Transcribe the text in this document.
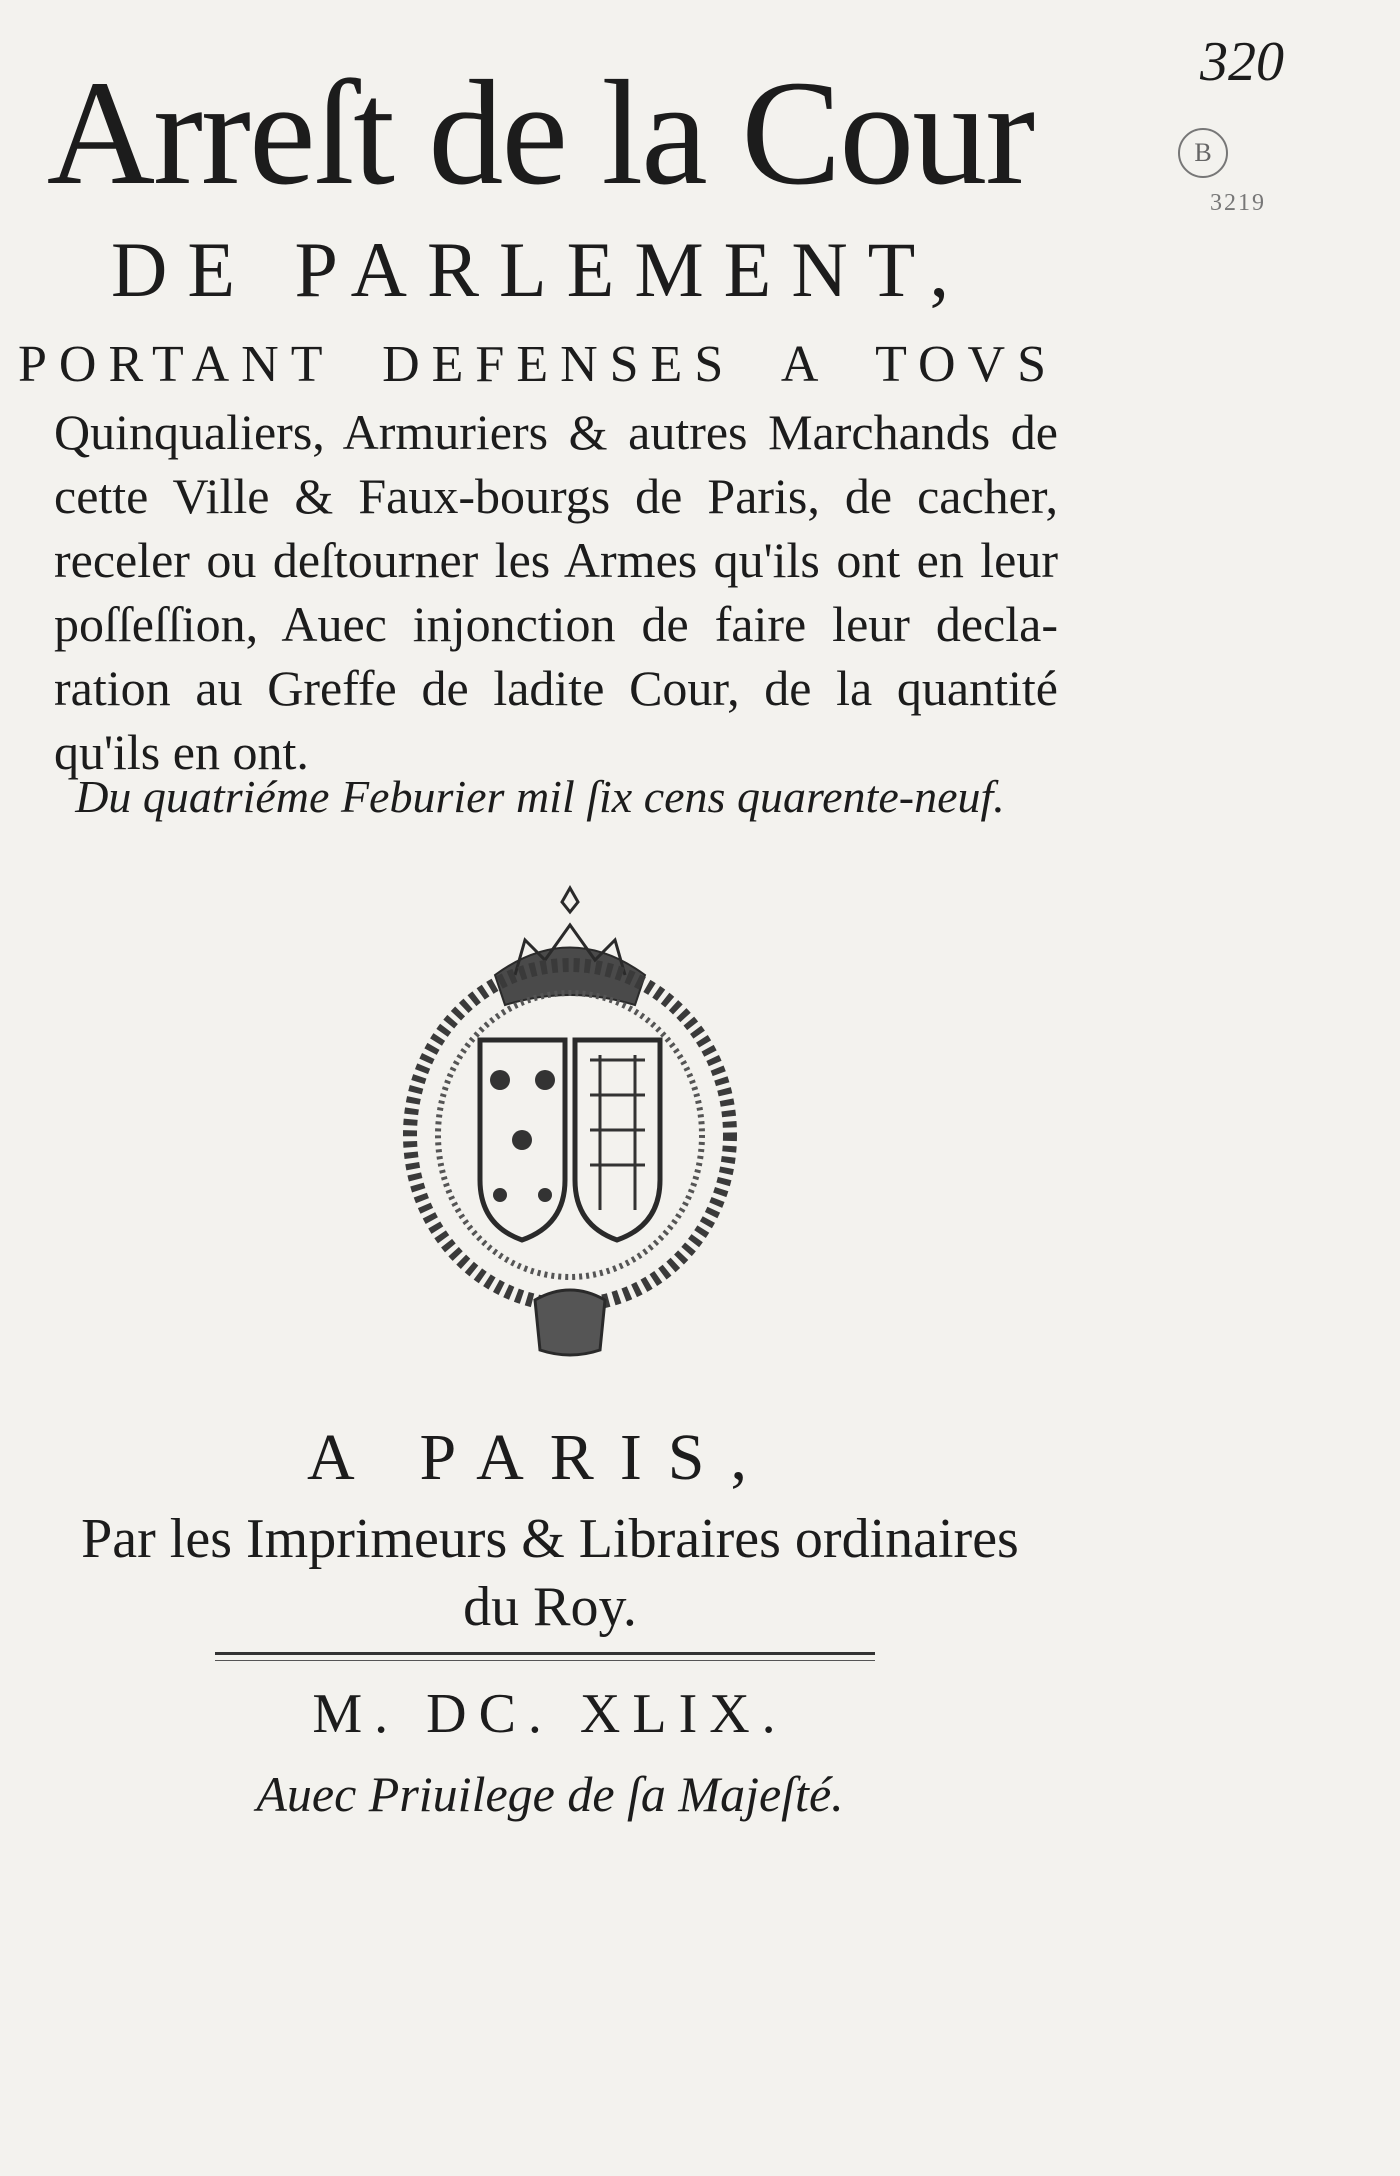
320
B
3219
Arreſt de la Cour
DE PARLEMENT,
PORTANT DEFENSES A TOVS
Quinqualiers, Armuriers & autres Marchands de
cette Ville & Faux-bourgs de Paris, de cacher,
receler ou deſtourner les Armes qu'ils ont en leur
poſſeſſion, Auec injonction de faire leur decla-
ration au Greffe de ladite Cour, de la quantité
qu'ils en ont.
Du quatriéme Feburier mil ſix cens quarente-neuf.
A PARIS,
Par les Imprimeurs & Libraires ordinaires
du Roy.
M. DC. XLIX.
Auec Priuilege de ſa Majeſté.
